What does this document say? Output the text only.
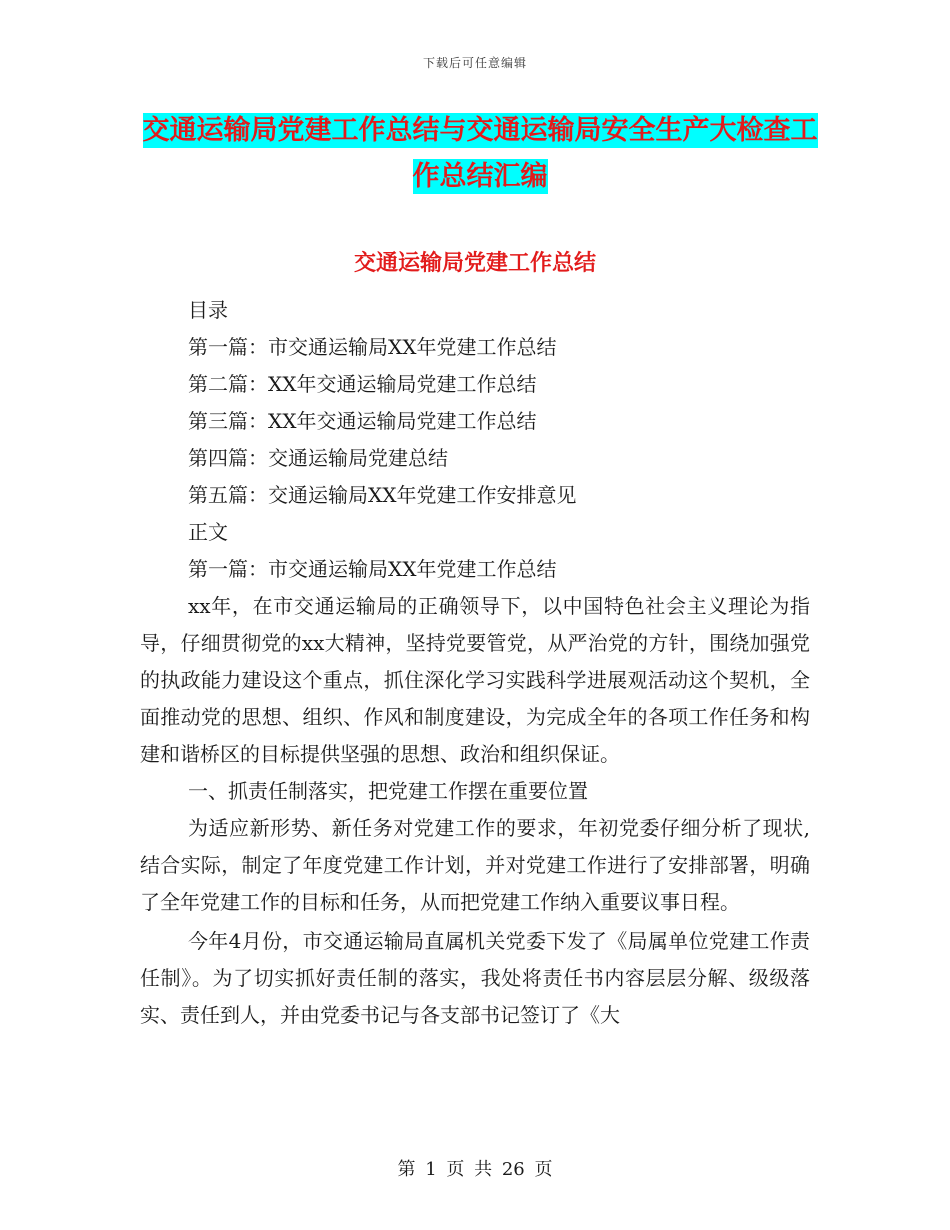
下载后可任意编辑
交通运输局党建工作总结与交通运输局安全生产大检查工作总结汇编
交通运输局党建工作总结

目录

第一篇：市交通运输局XX年党建工作总结

第二篇：XX年交通运输局党建工作总结

第三篇：XX年交通运输局党建工作总结

第四篇：交通运输局党建总结

第五篇：交通运输局XX年党建工作安排意见

正文

第一篇：市交通运输局XX年党建工作总结

xx年，在市交通运输局的正确领导下，以中国特色社会主义理论为指导，仔细贯彻党的xx大精神，坚持党要管党，从严治党的方针，围绕加强党的执政能力建设这个重点，抓住深化学习实践科学进展观活动这个契机，全面推动党的思想、组织、作风和制度建设，为完成全年的各项工作任务和构建和谐桥区的目标提供坚强的思想、政治和组织保证。

一、抓责任制落实，把党建工作摆在重要位置

为适应新形势、新任务对党建工作的要求，年初党委仔细分析了现状,结合实际，制定了年度党建工作计划，并对党建工作进行了安排部署，明确了全年党建工作的目标和任务，从而把党建工作纳入重要议事日程。

今年4月份，市交通运输局直属机关党委下发了《局属单位党建工作责任制》。为了切实抓好责任制的落实，我处将责任书内容层层分解、级级落实、责任到人，并由党委书记与各支部书记签订了《大

第 1 页 共 26 页
